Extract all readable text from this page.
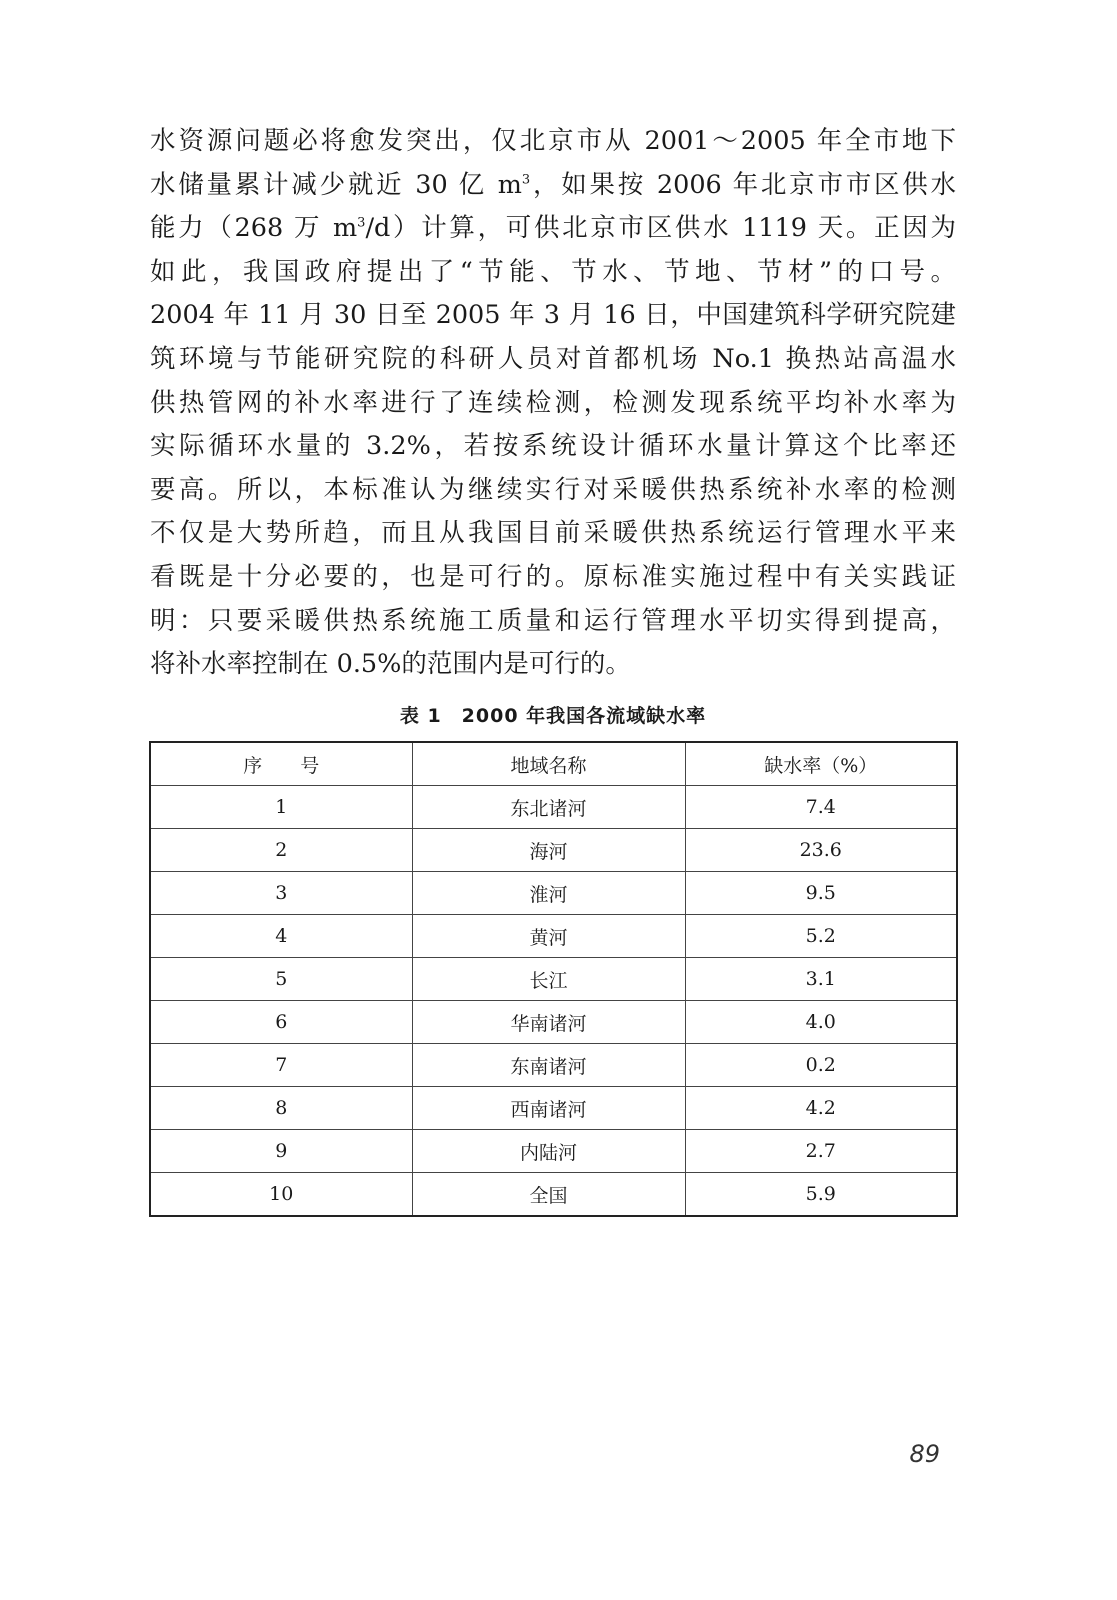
水资源问题必将愈发突出，仅北京市从 2001～2005 年全市地下
水储量累计减少就近 30 亿 $m^3$，如果按 2006 年北京市市区供水
能力（268 万 $m^3/d$）计算，可供北京市区供水 1119 天。正因为
如此，我国政府提出了“节能、节水、节地、节材”的口号。
2004 年 11 月 30 日至 2005 年 3 月 16 日，中国建筑科学研究院建
筑环境与节能研究院的科研人员对首都机场 No.1 换热站高温水
供热管网的补水率进行了连续检测，检测发现系统平均补水率为
实际循环水量的 3.2%，若按系统设计循环水量计算这个比率还
要高。所以，本标准认为继续实行对采暖供热系统补水率的检测
不仅是大势所趋，而且从我国目前采暖供热系统运行管理水平来
看既是十分必要的，也是可行的。原标准实施过程中有关实践证
明：只要采暖供热系统施工质量和运行管理水平切实得到提高，
将补水率控制在 0.5%的范围内是可行的。

表 1　2000 年我国各流域缺水率
序　　号	地域名称	缺水率（%）
1	东北诸河	7.4
2	海河	23.6
3	淮河	9.5
4	黄河	5.2
5	长江	3.1
6	华南诸河	4.0
7	东南诸河	0.2
8	西南诸河	4.2
9	内陆河	2.7
10	全国	5.9
89
